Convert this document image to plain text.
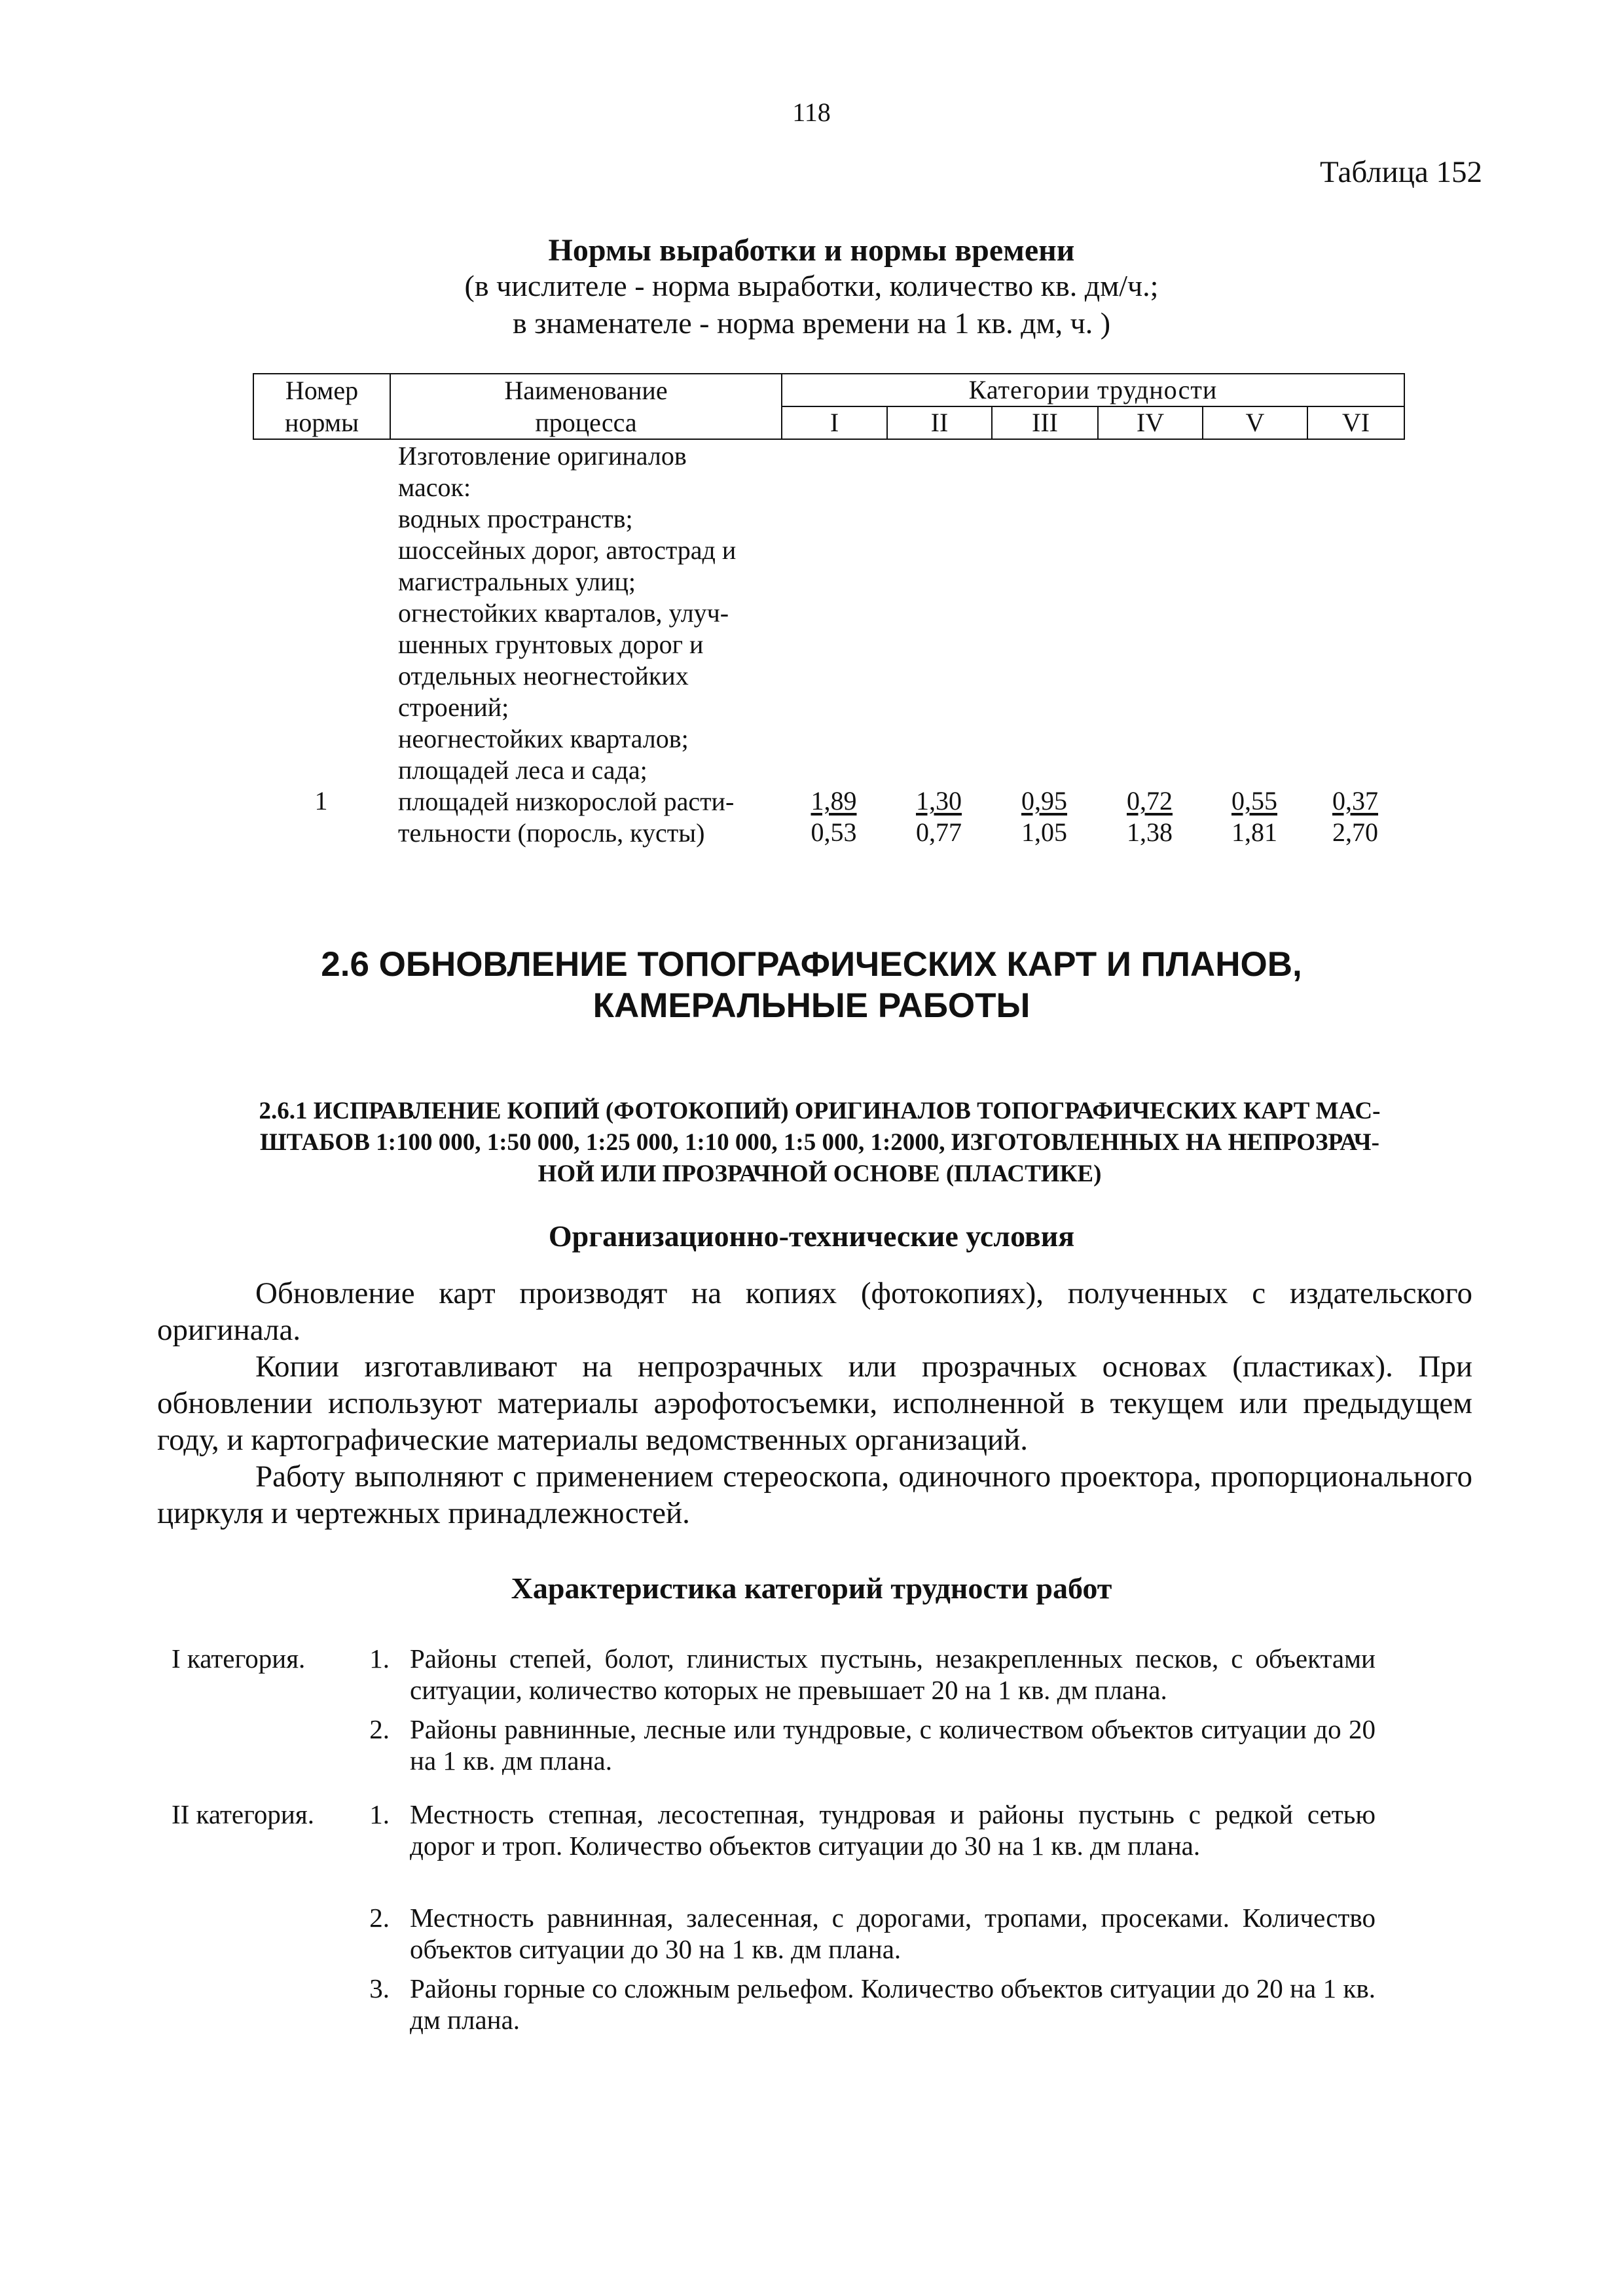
118
Таблица 152
Нормы выработки и нормы времени
(в числителе - норма выработки, количество кв. дм/ч.;
в знаменателе - норма времени на 1 кв. дм, ч. )
Номер	Наименование	Категории трудности					
нормы	процесса	I	II	III	IV	V	VI
1
Изготовление оригиналов
масок:
водных пространств;
шоссейных дорог, автострад и
магистральных улиц;
огнестойких кварталов, улуч-
шенных грунтовых дорог и
отдельных неогнестойких
строений;
неогнестойких кварталов;
площадей леса и сада;
площадей низкорослой расти-
тельности (поросль, кусты)	$\frac{1,89}{0,53} \frac{1,30}{0,77} \frac{0,95}{1,05} \frac{0,72}{1,38} \frac{0,55}{1,81} \frac{0,37}{2,70}$
2.6 ОБНОВЛЕНИЕ ТОПОГРАФИЧЕСКИХ КАРТ И ПЛАНОВ,
КАМЕРАЛЬНЫЕ РАБОТЫ
2.6.1 ИСПРАВЛЕНИЕ КОПИЙ (ФОТОКОПИЙ) ОРИГИНАЛОВ ТОПОГРАФИЧЕСКИХ КАРТ МАС-
ШТАБОВ 1:100 000, 1:50 000, 1:25 000, 1:10 000, 1:5 000, 1:2000, ИЗГОТОВЛЕННЫХ НА НЕПРОЗРАЧ-
НОЙ ИЛИ ПРОЗРАЧНОЙ ОСНОВЕ (ПЛАСТИКЕ)
Организационно-технические условия
Обновление карт производят на копиях (фотокопиях), полученных с издательского оригинала.
Копии изготавливают на непрозрачных или прозрачных основах (пластиках). При обновлении используют материалы аэрофотосъемки, исполненной в текущем или предыдущем году, и картографические материалы ведомственных организаций.
Работу выполняют с применением стереоскопа, одиночного проектора, пропорционального циркуля и чертежных принадлежностей.
Характеристика категорий трудности работ
I категория.	1. Районы степей, болот, глинистых пустынь, незакрепленных песков, с объектами ситуации, количество которых не превышает 20 на 1 кв. дм плана.
2. Районы равнинные, лесные или тундровые, с количеством объектов ситуации до 20 на 1 кв. дм плана.
II категория.	1. Местность степная, лесостепная, тундровая и районы пустынь с редкой сетью дорог и троп. Количество объектов ситуации до 30 на 1 кв. дм плана.
2. Местность равнинная, залесенная, с дорогами, тропами, просеками. Количество объектов ситуации до 30 на 1 кв. дм плана.
3. Районы горные со сложным рельефом. Количество объектов ситуации до 20 на 1 кв. дм плана.
